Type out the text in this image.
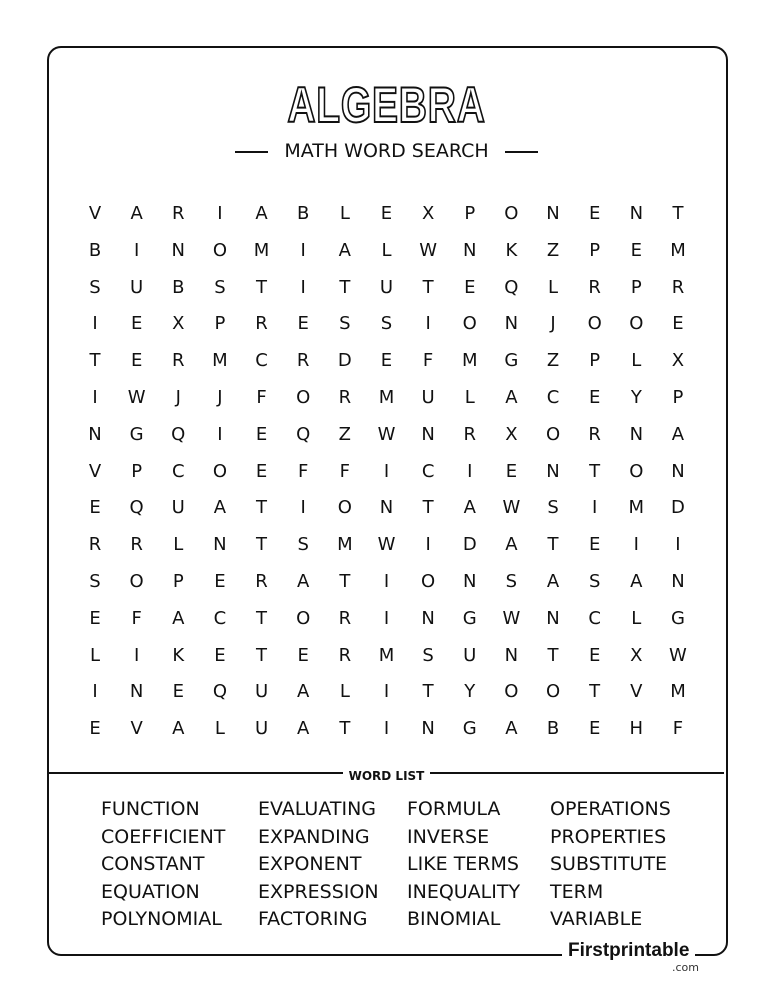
ALGEBRA
MATH WORD SEARCH
V	A	R	I	A	B	L	E	X	P	O	N	E	N	T
B	I	N	O	M	I	A	L	W	N	K	Z	P	E	M
S	U	B	S	T	I	T	U	T	E	Q	L	R	P	R
I	E	X	P	R	E	S	S	I	O	N	J	O	O	E
T	E	R	M	C	R	D	E	F	M	G	Z	P	L	X
I	W	J	J	F	O	R	M	U	L	A	C	E	Y	P
N	G	Q	I	E	Q	Z	W	N	R	X	O	R	N	A
V	P	C	O	E	F	F	I	C	I	E	N	T	O	N
E	Q	U	A	T	I	O	N	T	A	W	S	I	M	D
R	R	L	N	T	S	M	W	I	D	A	T	E	I	I
S	O	P	E	R	A	T	I	O	N	S	A	S	A	N
E	F	A	C	T	O	R	I	N	G	W	N	C	L	G
L	I	K	E	T	E	R	M	S	U	N	T	E	X	W
I	N	E	Q	U	A	L	I	T	Y	O	O	T	V	M
E	V	A	L	U	A	T	I	N	G	A	B	E	H	F
WORD LIST
FUNCTION
COEFFICIENT
CONSTANT
EQUATION
POLYNOMIAL
EVALUATING
EXPANDING
EXPONENT
EXPRESSION
FACTORING
FORMULA
INVERSE
LIKE TERMS
INEQUALITY
BINOMIAL
OPERATIONS
PROPERTIES
SUBSTITUTE
TERM
VARIABLE
Firstprintable
.com
